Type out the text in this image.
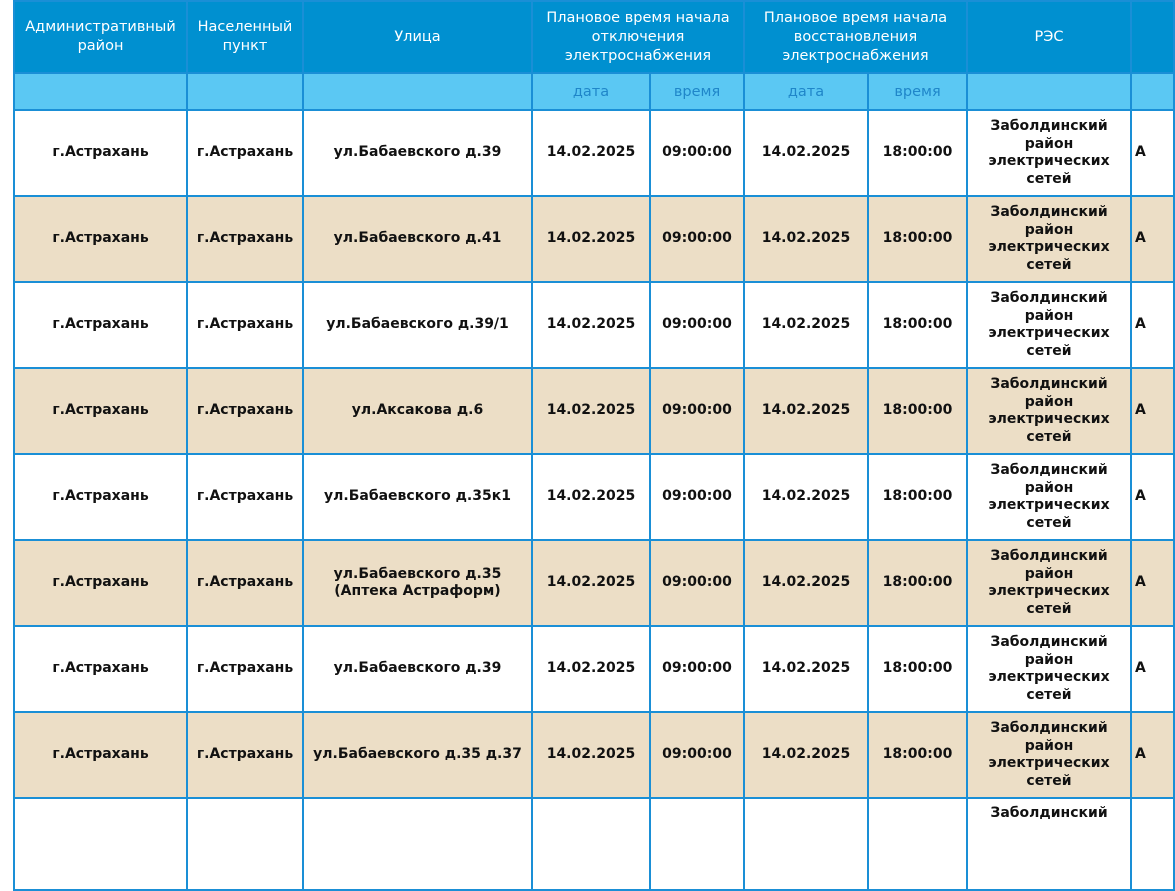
Административный район	Населенный пункт	Улица	Плановое время начала отключения электроснабжения		Плановое время начала восстановления электроснабжения		РЭС	
			дата	время	дата	время		
г.Астрахань	г.Астрахань	ул.Бабаевского д.39	14.02.2025	09:00:00	14.02.2025	18:00:00	Заболдинский район электрических сетей	А
г.Астрахань	г.Астрахань	ул.Бабаевского д.41	14.02.2025	09:00:00	14.02.2025	18:00:00	Заболдинский район электрических сетей	А
г.Астрахань	г.Астрахань	ул.Бабаевского д.39/1	14.02.2025	09:00:00	14.02.2025	18:00:00	Заболдинский район электрических сетей	А
г.Астрахань	г.Астрахань	ул.Аксакова д.6	14.02.2025	09:00:00	14.02.2025	18:00:00	Заболдинский район электрических сетей	А
г.Астрахань	г.Астрахань	ул.Бабаевского д.35к1	14.02.2025	09:00:00	14.02.2025	18:00:00	Заболдинский район электрических сетей	А
г.Астрахань	г.Астрахань	ул.Бабаевского д.35 (Аптека Астраформ)	14.02.2025	09:00:00	14.02.2025	18:00:00	Заболдинский район электрических сетей	А
г.Астрахань	г.Астрахань	ул.Бабаевского д.39	14.02.2025	09:00:00	14.02.2025	18:00:00	Заболдинский район электрических сетей	А
г.Астрахань	г.Астрахань	ул.Бабаевского д.35 д.37	14.02.2025	09:00:00	14.02.2025	18:00:00	Заболдинский район электрических сетей	А
							Заболдинский	
